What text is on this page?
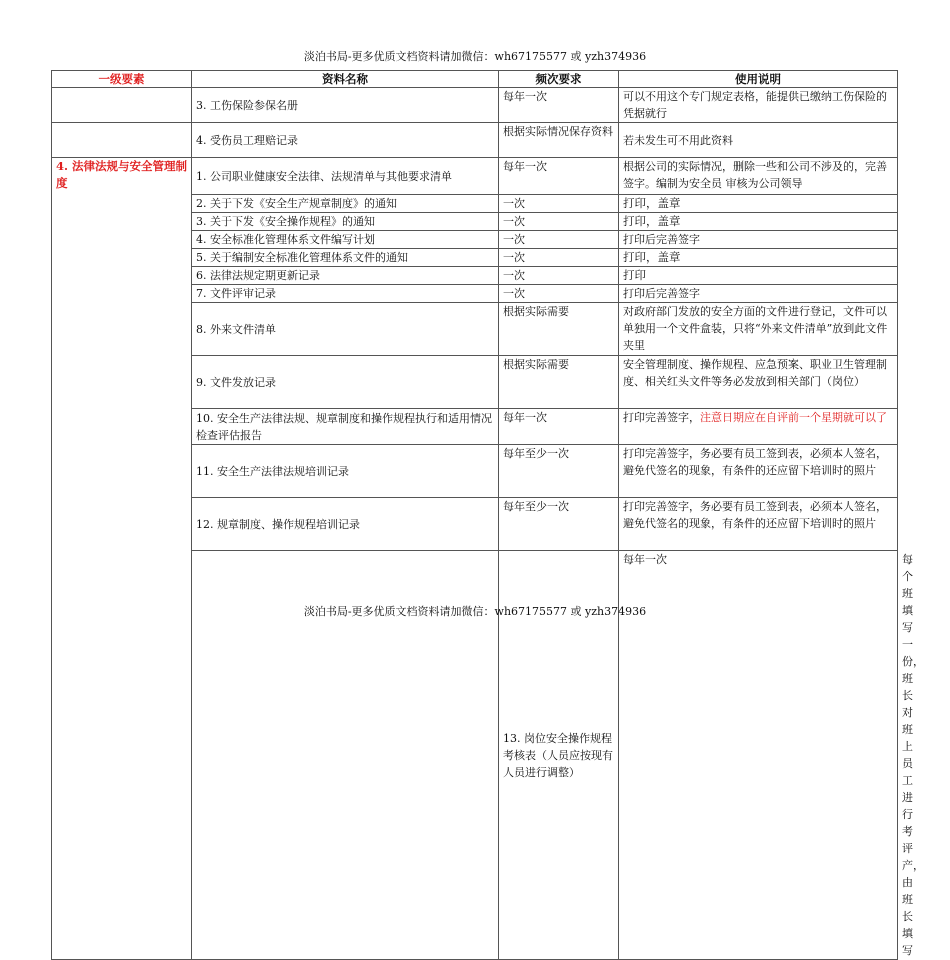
淡泊书局-更多优质文档资料请加微信：wh67175577 或 yzh374936
一级要素	资料名称	频次要求	使用说明	
	3. 工伤保险参保名册	每年一次	可以不用这个专门规定表格，能提供已缴纳工伤保险的凭据就行	
	4. 受伤员工理赔记录	根据实际情况保存资料	若未发生可不用此资料	
4. 法律法规与安全管理制度	1. 公司职业健康安全法律、法规清单与其他要求清单	每年一次	根据公司的实际情况，删除一些和公司不涉及的，完善签字。编制为安全员 审核为公司领导	
	2. 关于下发《安全生产规章制度》的通知	一次	打印，盖章	
	3. 关于下发《安全操作规程》的通知	一次	打印，盖章	
	4. 安全标准化管理体系文件编写计划	一次	打印后完善签字	
	5. 关于编制安全标准化管理体系文件的通知	一次	打印，盖章	
	6. 法律法规定期更新记录	一次	打印	
	7. 文件评审记录	一次	打印后完善签字	
	8. 外来文件清单	根据实际需要	对政府部门发放的安全方面的文件进行登记，文件可以单独用一个文件盒装，只将“外来文件清单”放到此文件夹里	
	9. 文件发放记录	根据实际需要	安全管理制度、操作规程、应急预案、职业卫生管理制度、相关红头文件等务必发放到相关部门（岗位）	
	10. 安全生产法律法规、规章制度和操作规程执行和适用情况检查评估报告	每年一次	打印完善签字，注意日期应在自评前一个星期就可以了	
	11. 安全生产法律法规培训记录	每年至少一次	打印完善签字，务必要有员工签到表，必须本人签名，避免代签名的现象，有条件的还应留下培训时的照片	
	12. 规章制度、操作规程培训记录	每年至少一次	打印完善签字，务必要有员工签到表，必须本人签名，避免代签名的现象，有条件的还应留下培训时的照片	
		13. 岗位安全操作规程考核表（人员应按现有人员进行调整）	每年一次	每个班填写一份，班长对班上员工进行考评产，由班长填写
淡泊书局-更多优质文档资料请加微信：wh67175577 或 yzh374936
